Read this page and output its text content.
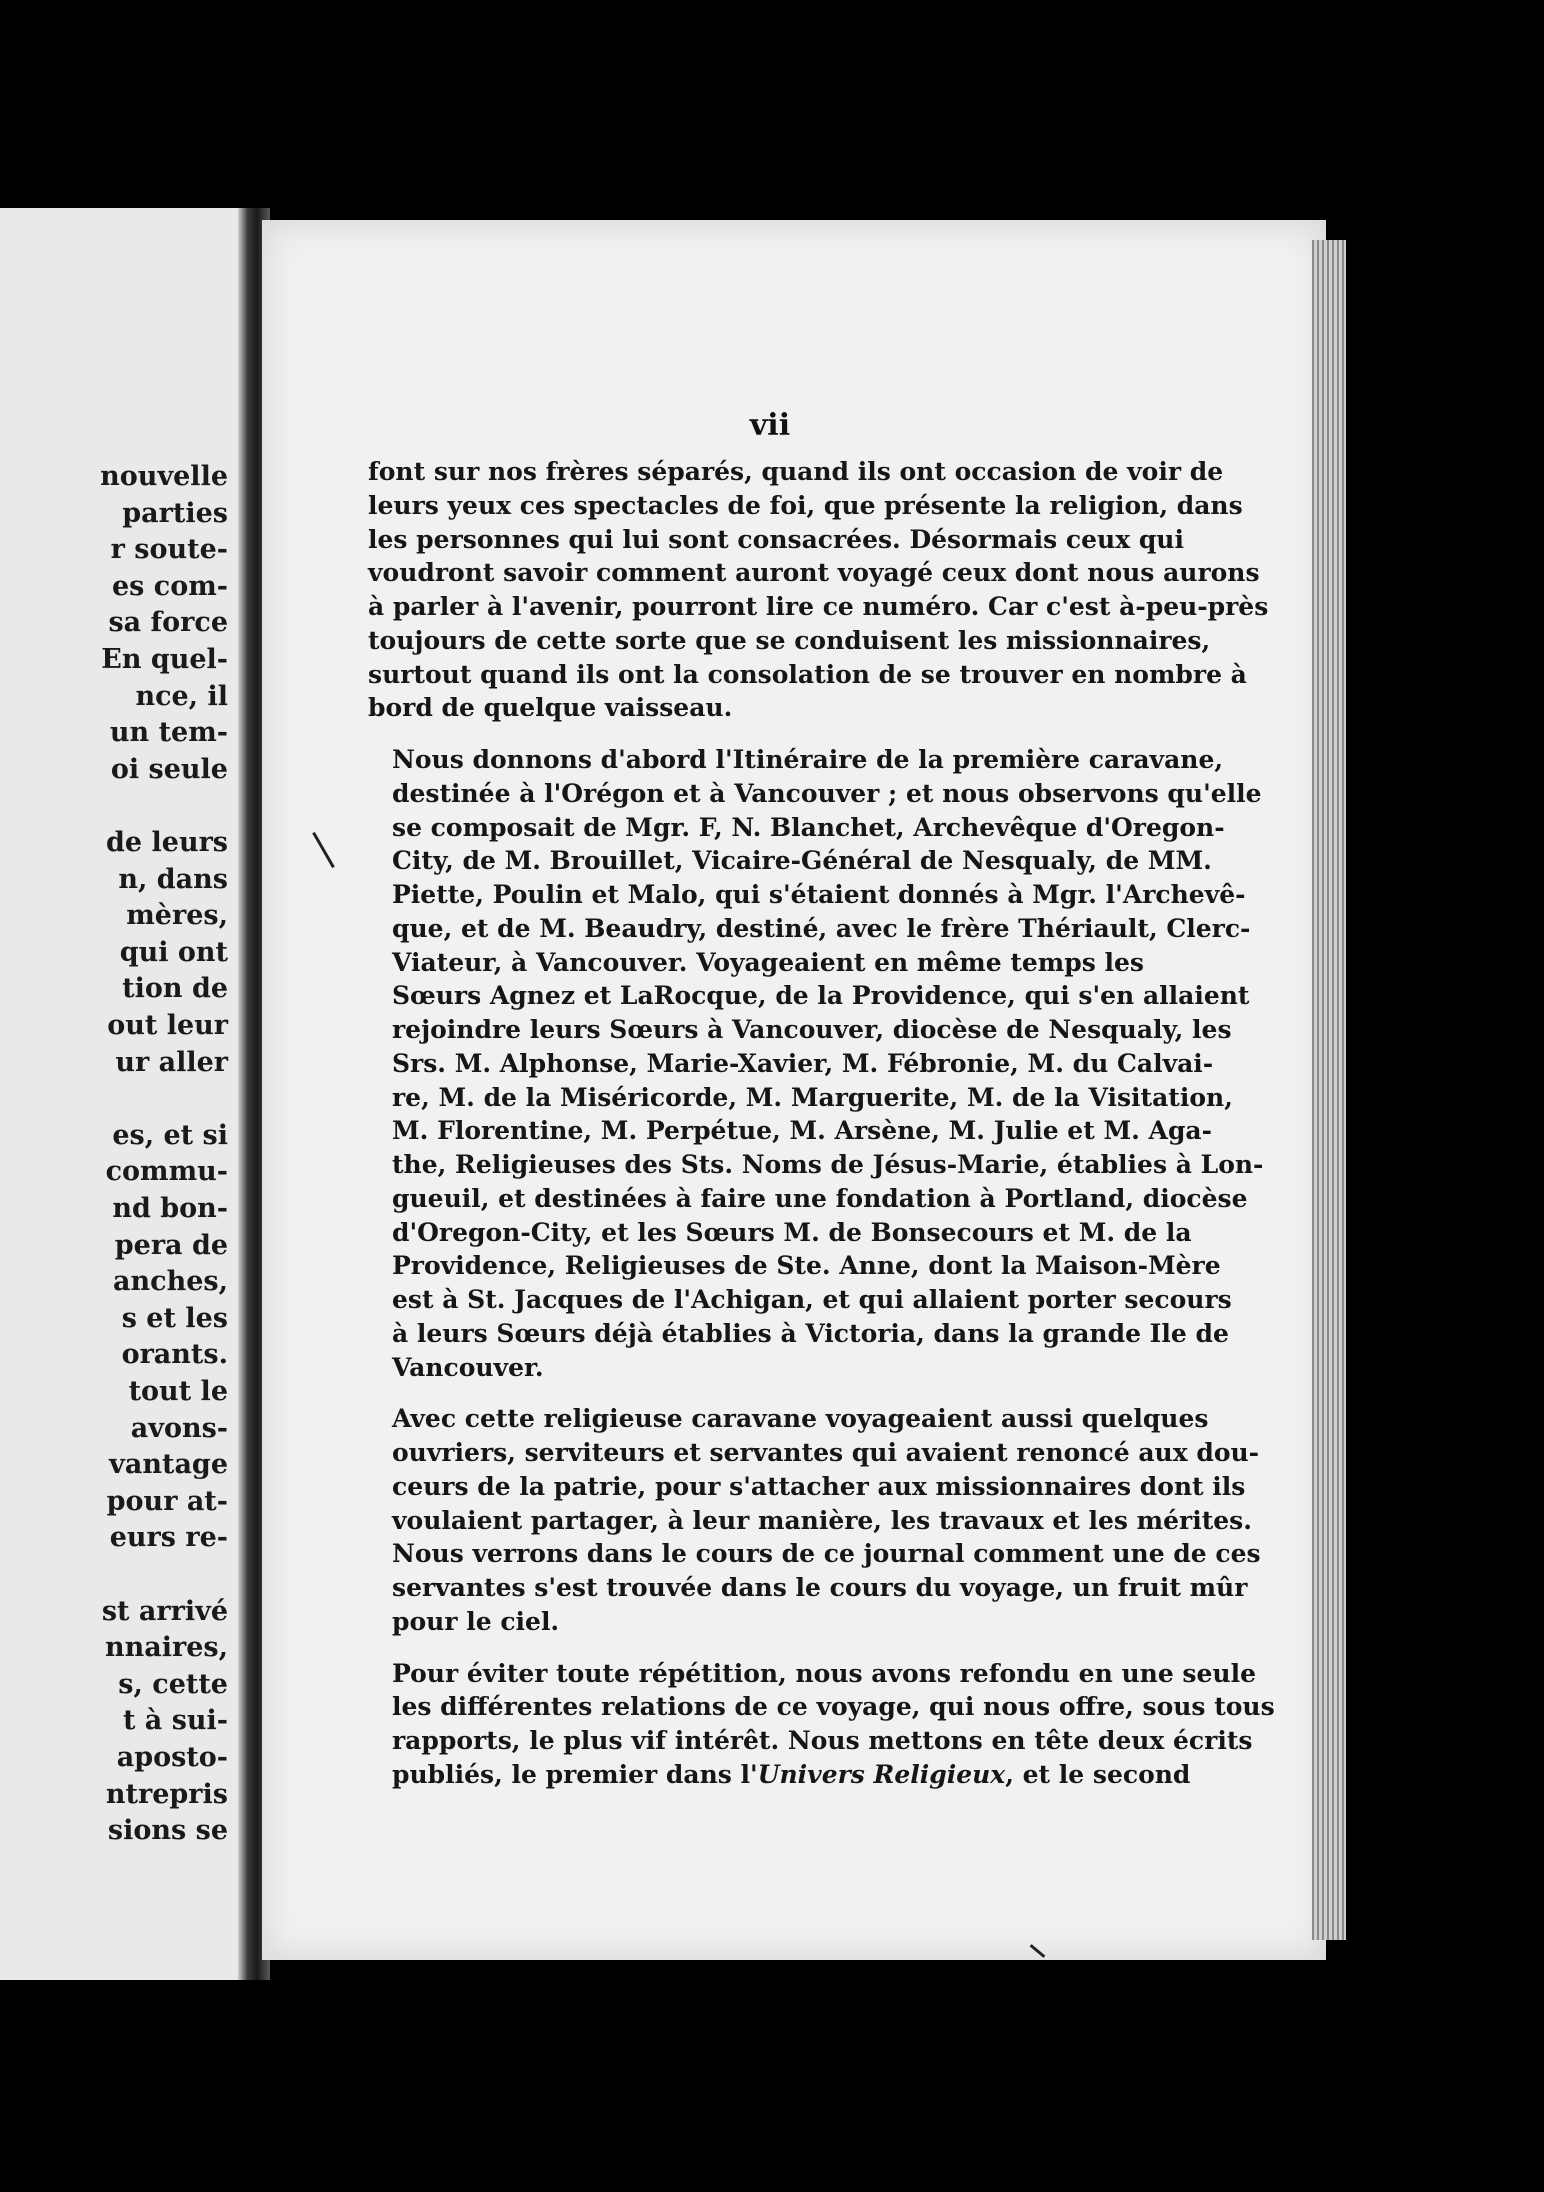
nouvelle
parties
r soute-
es com-
sa force
En quel-
nce, il
un tem-
oi seule
de leurs
n, dans
mères,
qui ont
tion de
out leur
ur aller
es, et si
commu-
nd bon-
pera de
anches,
s et les
orants.
tout le
avons-
vantage
pour at-
eurs re-
st arrivé
nnaires,
s, cette
t à sui-
aposto-
ntrepris
sions se
vii

font sur nos frères séparés, quand ils ont occasion de voir de
leurs yeux ces spectacles de foi, que présente la religion, dans
les personnes qui lui sont consacrées. Désormais ceux qui
voudront savoir comment auront voyagé ceux dont nous aurons
à parler à l'avenir, pourront lire ce numéro. Car c'est à-peu-près
toujours de cette sorte que se conduisent les missionnaires,
surtout quand ils ont la consolation de se trouver en nombre à
bord de quelque vaisseau.

Nous donnons d'abord l'Itinéraire de la première caravane,
destinée à l'Orégon et à Vancouver ; et nous observons qu'elle
se composait de Mgr. F, N. Blanchet, Archevêque d'Oregon-
City, de M. Brouillet, Vicaire-Général de Nesqualy, de MM.
Piette, Poulin et Malo, qui s'étaient donnés à Mgr. l'Archevê-
que, et de M. Beaudry, destiné, avec le frère Thériault, Clerc-
Viateur, à Vancouver. Voyageaient en même temps les
Sœurs Agnez et LaRocque, de la Providence, qui s'en allaient
rejoindre leurs Sœurs à Vancouver, diocèse de Nesqualy, les
Srs. M. Alphonse, Marie-Xavier, M. Fébronie, M. du Calvai-
re, M. de la Miséricorde, M. Marguerite, M. de la Visitation,
M. Florentine, M. Perpétue, M. Arsène, M. Julie et M. Aga-
the, Religieuses des Sts. Noms de Jésus-Marie, établies à Lon-
gueuil, et destinées à faire une fondation à Portland, diocèse
d'Oregon-City, et les Sœurs M. de Bonsecours et M. de la
Providence, Religieuses de Ste. Anne, dont la Maison-Mère
est à St. Jacques de l'Achigan, et qui allaient porter secours
à leurs Sœurs déjà établies à Victoria, dans la grande Ile de
Vancouver.

Avec cette religieuse caravane voyageaient aussi quelques
ouvriers, serviteurs et servantes qui avaient renoncé aux dou-
ceurs de la patrie, pour s'attacher aux missionnaires dont ils
voulaient partager, à leur manière, les travaux et les mérites.
Nous verrons dans le cours de ce journal comment une de ces
servantes s'est trouvée dans le cours du voyage, un fruit mûr
pour le ciel.

Pour éviter toute répétition, nous avons refondu en une seule
les différentes relations de ce voyage, qui nous offre, sous tous
rapports, le plus vif intérêt. Nous mettons en tête deux écrits
publiés, le premier dans l'Univers Religieux, et le second
